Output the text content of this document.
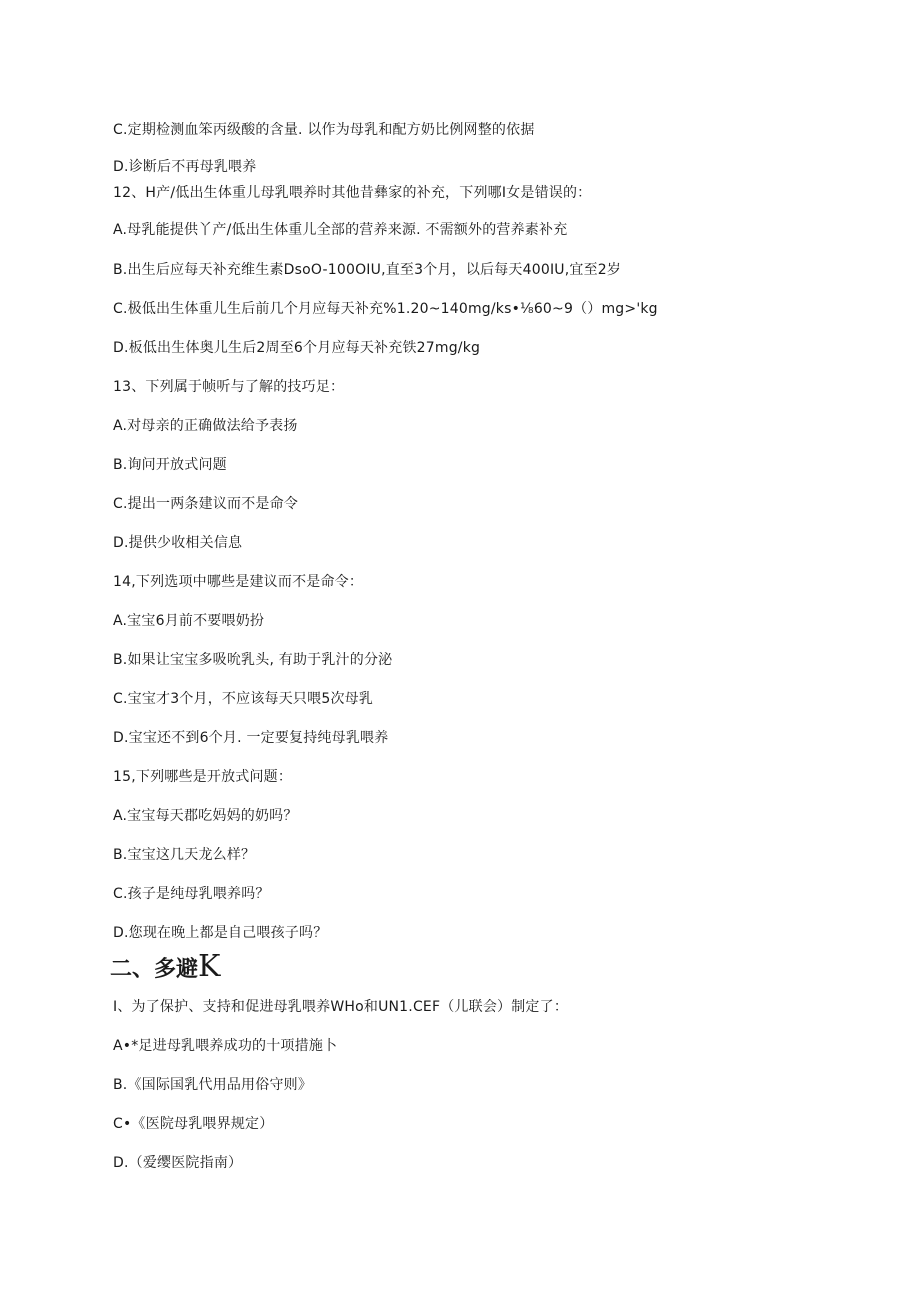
C.定期检测血笨丙级酸的含量. 以作为母乳和配方奶比例网整的依据
D.诊断后不再母乳喂养
12、H产/低出生体重儿母乳喂养时其他昔彝家的补充，下列哪I女是错误的：
A.母乳能提供丫产/低出生体重儿全部的营养来源. 不需额外的营养素补充
B.出生后应每天补充维生素DsoO-100OIU,直至3个月，以后每天400IU,宜至2岁
C.极低出生体重儿生后前几个月应每天补充%1.20~140mg/ks•⅛60~9（）mg>'kg
D.板低出生体奥儿生后2周至6个月应每天补充铁27mg/kg
13、下列属于帧听与了解的技巧足：
A.对母亲的正确做法给予表扬
B.询问开放式问题
C.提出一两条建议而不是命令
D.提供少收相关信息
14,下列选项中哪些是建议而不是命令：
A.宝宝6月前不要喂奶扮
B.如果让宝宝多吸吮乳头, 有助于乳汁的分泌
C.宝宝才3个月，不应该每天只喂5次母乳
D.宝宝还不到6个月. 一定要复持纯母乳喂养
15,下列哪些是开放式问题：
A.宝宝每天郡吃妈妈的奶吗？
B.宝宝这几天龙么样？
C.孩子是纯母乳喂养吗？
D.您现在晚上都是自己喂孩子吗？
二、多避K
I、为了保护、支持和促进母乳喂养WHo和UN1.CEF（儿联会）制定了：
A•*足进母乳喂养成功的十项措施卜
B.《国际国乳代用品用俗守则》
C•《医院母乳喂界规定）
D.（爱缨医院指南）
